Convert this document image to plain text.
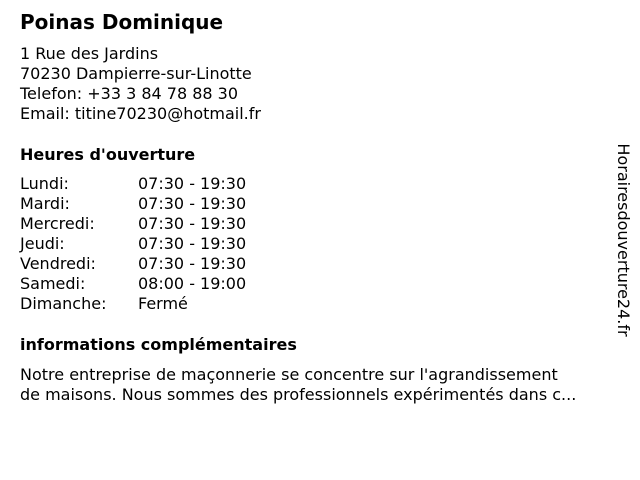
Poinas Dominique
1 Rue des Jardins
70230 Dampierre-sur-Linotte
Telefon: +33 3 84 78 88 30
Email: titine70230@hotmail.fr
Heures d'ouverture
Lundi:	07:30 - 19:30
Mardi:	07:30 - 19:30
Mercredi:	07:30 - 19:30
Jeudi:	07:30 - 19:30
Vendredi:	07:30 - 19:30
Samedi:	08:00 - 19:00
Dimanche: Fermé
informations complémentaires
Notre entreprise de maçonnerie se concentre sur l'agrandissement
de maisons. Nous sommes des professionnels expérimentés dans c...
Horairesdouverture24.fr
